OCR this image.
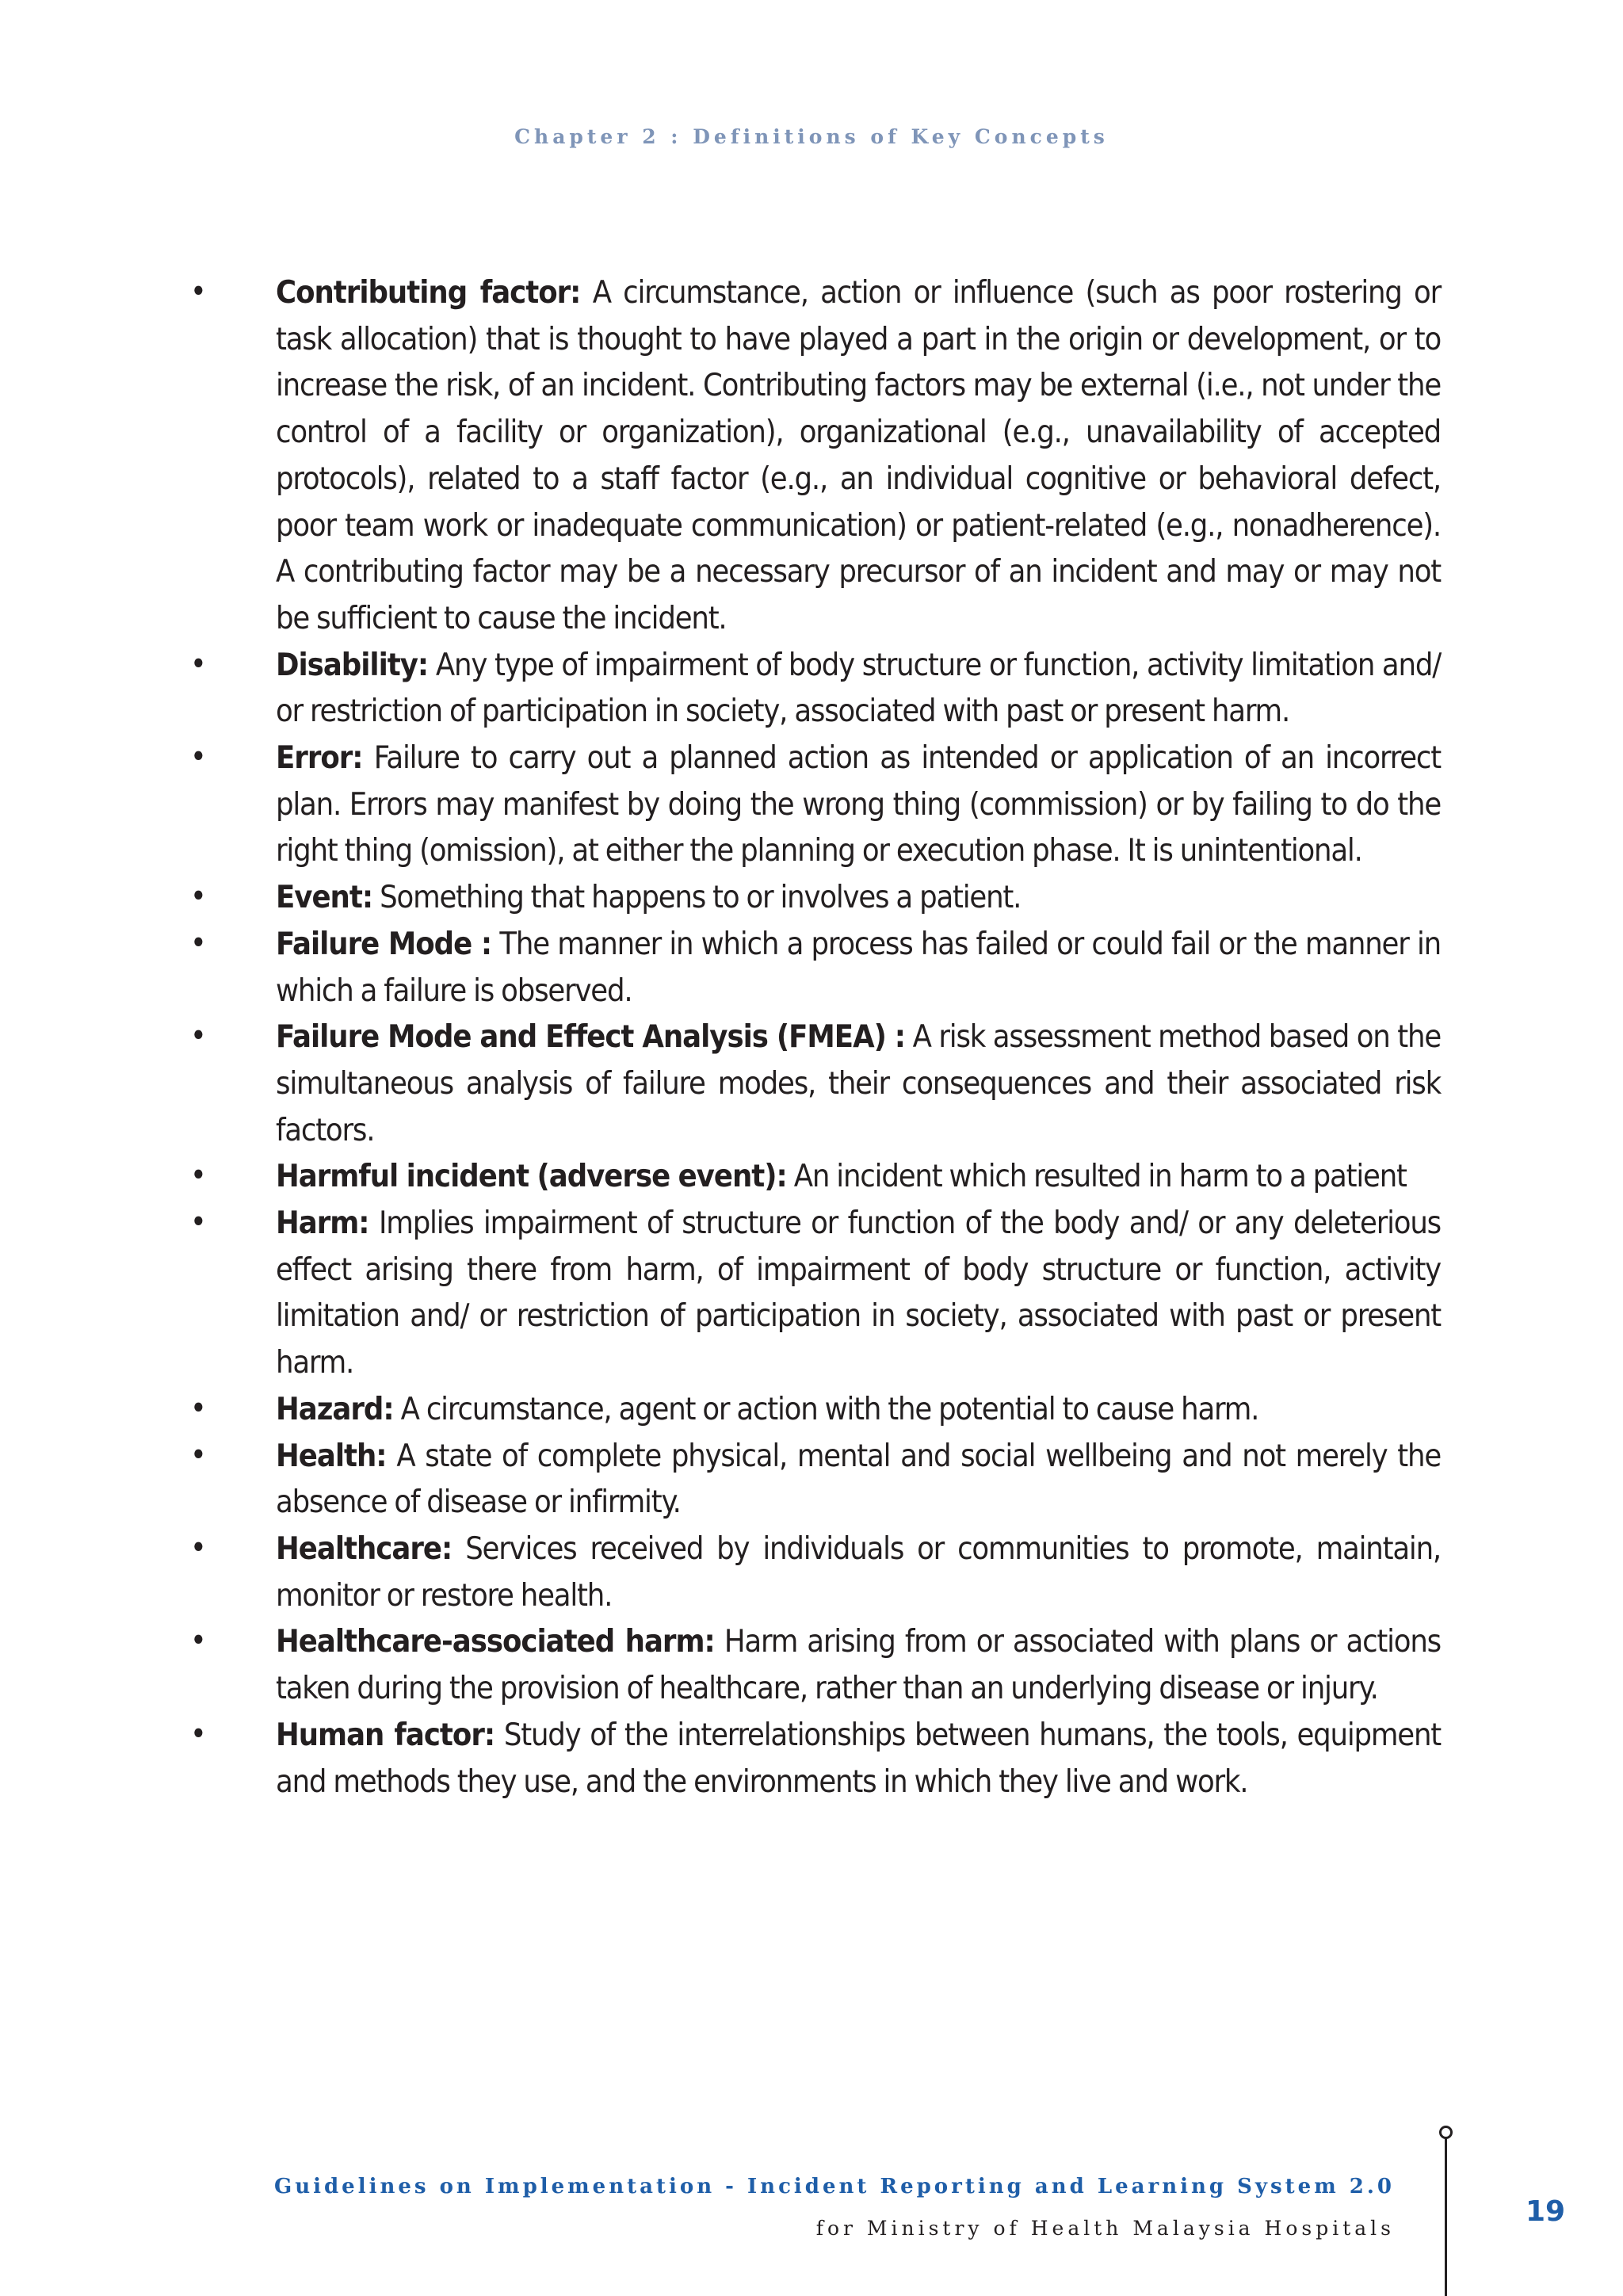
Chapter 2 : Definitions of Key Concepts
• Contributing factor: A circumstance, action or influence (such as poor rostering or task allocation) that is thought to have played a part in the origin or development, or to increase the risk, of an incident. Contributing factors may be external (i.e., not under the control of a facility or organization), organizational (e.g., unavailability of accepted protocols), related to a staff factor (e.g., an individual cognitive or behavioral defect, poor team work or inadequate communication) or patient-related (e.g., nonadherence). A contributing factor may be a necessary precursor of an incident and may or may not be sufficient to cause the incident.
• Disability: Any type of impairment of body structure or function, activity limitation and/ or restriction of participation in society, associated with past or present harm.
• Error: Failure to carry out a planned action as intended or application of an incorrect plan. Errors may manifest by doing the wrong thing (commission) or by failing to do the right thing (omission), at either the planning or execution phase. It is unintentional.
• Event: Something that happens to or involves a patient.
• Failure Mode : The manner in which a process has failed or could fail or the manner in which a failure is observed.
• Failure Mode and Effect Analysis (FMEA) : A risk assessment method based on the simultaneous analysis of failure modes, their consequences and their associated risk factors.
• Harmful incident (adverse event): An incident which resulted in harm to a patient
• Harm: Implies impairment of structure or function of the body and/ or any deleterious effect arising there from harm, of impairment of body structure or function, activity limitation and/ or restriction of participation in society, associated with past or present harm.
• Hazard: A circumstance, agent or action with the potential to cause harm.
• Health: A state of complete physical, mental and social wellbeing and not merely the absence of disease or infirmity.
• Healthcare: Services received by individuals or communities to promote, maintain, monitor or restore health.
• Healthcare-associated harm: Harm arising from or associated with plans or actions taken during the provision of healthcare, rather than an underlying disease or injury.
• Human factor: Study of the interrelationships between humans, the tools, equipment and methods they use, and the environments in which they live and work.
Guidelines on Implementation - Incident Reporting and Learning System 2.0
for Ministry of Health Malaysia Hospitals
19
